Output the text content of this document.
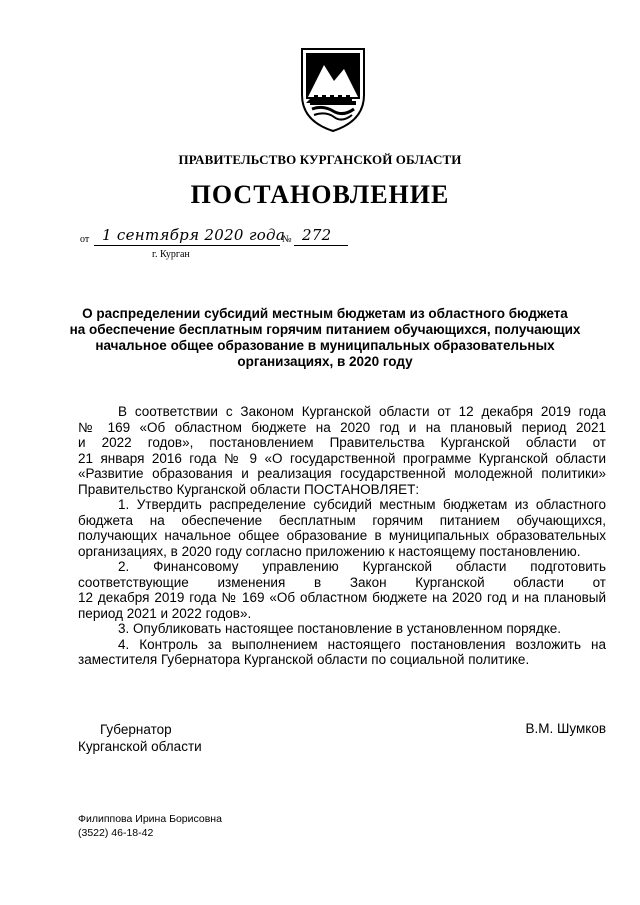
ПРАВИТЕЛЬСТВО КУРГАНСКОЙ ОБЛАСТИ
ПОСТАНОВЛЕНИЕ
от 1 сентября 2020 года
№ 272
г. Курган
О распределении субсидий местным бюджетам из областного бюджета
на обеспечение бесплатным горячим питанием обучающихся, получающих
начальное общее образование в муниципальных образовательных
организациях, в 2020 году

В соответствии с Законом Курганской области от 12 декабря 2019 года

№ 169 «Об областном бюджете на 2020 год и на плановый период 2021

и 2022 годов», постановлением Правительства Курганской области от

21 января 2016 года № 9 «О государственной программе Курганской области

«Развитие образования и реализация государственной молодежной политики»

Правительство Курганской области ПОСТАНОВЛЯЕТ:

1. Утвердить распределение субсидий местным бюджетам из областного

бюджета на обеспечение бесплатным горячим питанием обучающихся,

получающих начальное общее образование в муниципальных образовательных

организациях, в 2020 году согласно приложению к настоящему постановлению.

2. Финансовому управлению Курганской области подготовить

соответствующие изменения в Закон Курганской области от

12 декабря 2019 года № 169 «Об областном бюджете на 2020 год и на плановый

период 2021 и 2022 годов».

3. Опубликовать настоящее постановление в установленном порядке.

4. Контроль за выполнением настоящего постановления возложить на

заместителя Губернатора Курганской области по социальной политике.

Губернатор
Курганской области
В.М. Шумков
Филиппова Ирина Борисовна
(3522) 46-18-42
